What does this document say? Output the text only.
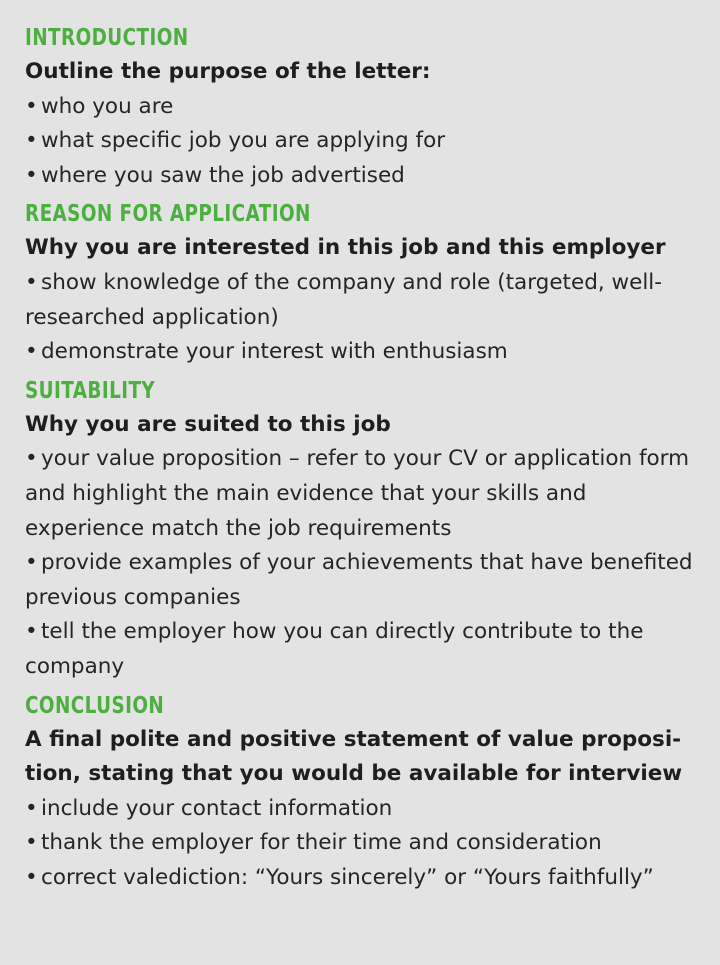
INTRODUCTION
Outline the purpose of the letter:
• who you are
• what specific job you are applying for
• where you saw the job advertised
REASON FOR APPLICATION
Why you are interested in this job and this employer
• show knowledge of the company and role (targeted, well-researched application)
• demonstrate your interest with enthusiasm
SUITABILITY
Why you are suited to this job
• your value proposition – refer to your CV or application form and highlight the main evidence that your skills and experience match the job requirements
• provide examples of your achievements that have benefited previous companies
• tell the employer how you can directly contribute to the company
CONCLUSION
A final polite and positive statement of value proposi-tion, stating that you would be available for interview
• include your contact information
• thank the employer for their time and consideration
• correct valediction: “Yours sincerely” or “Yours faithfully”
